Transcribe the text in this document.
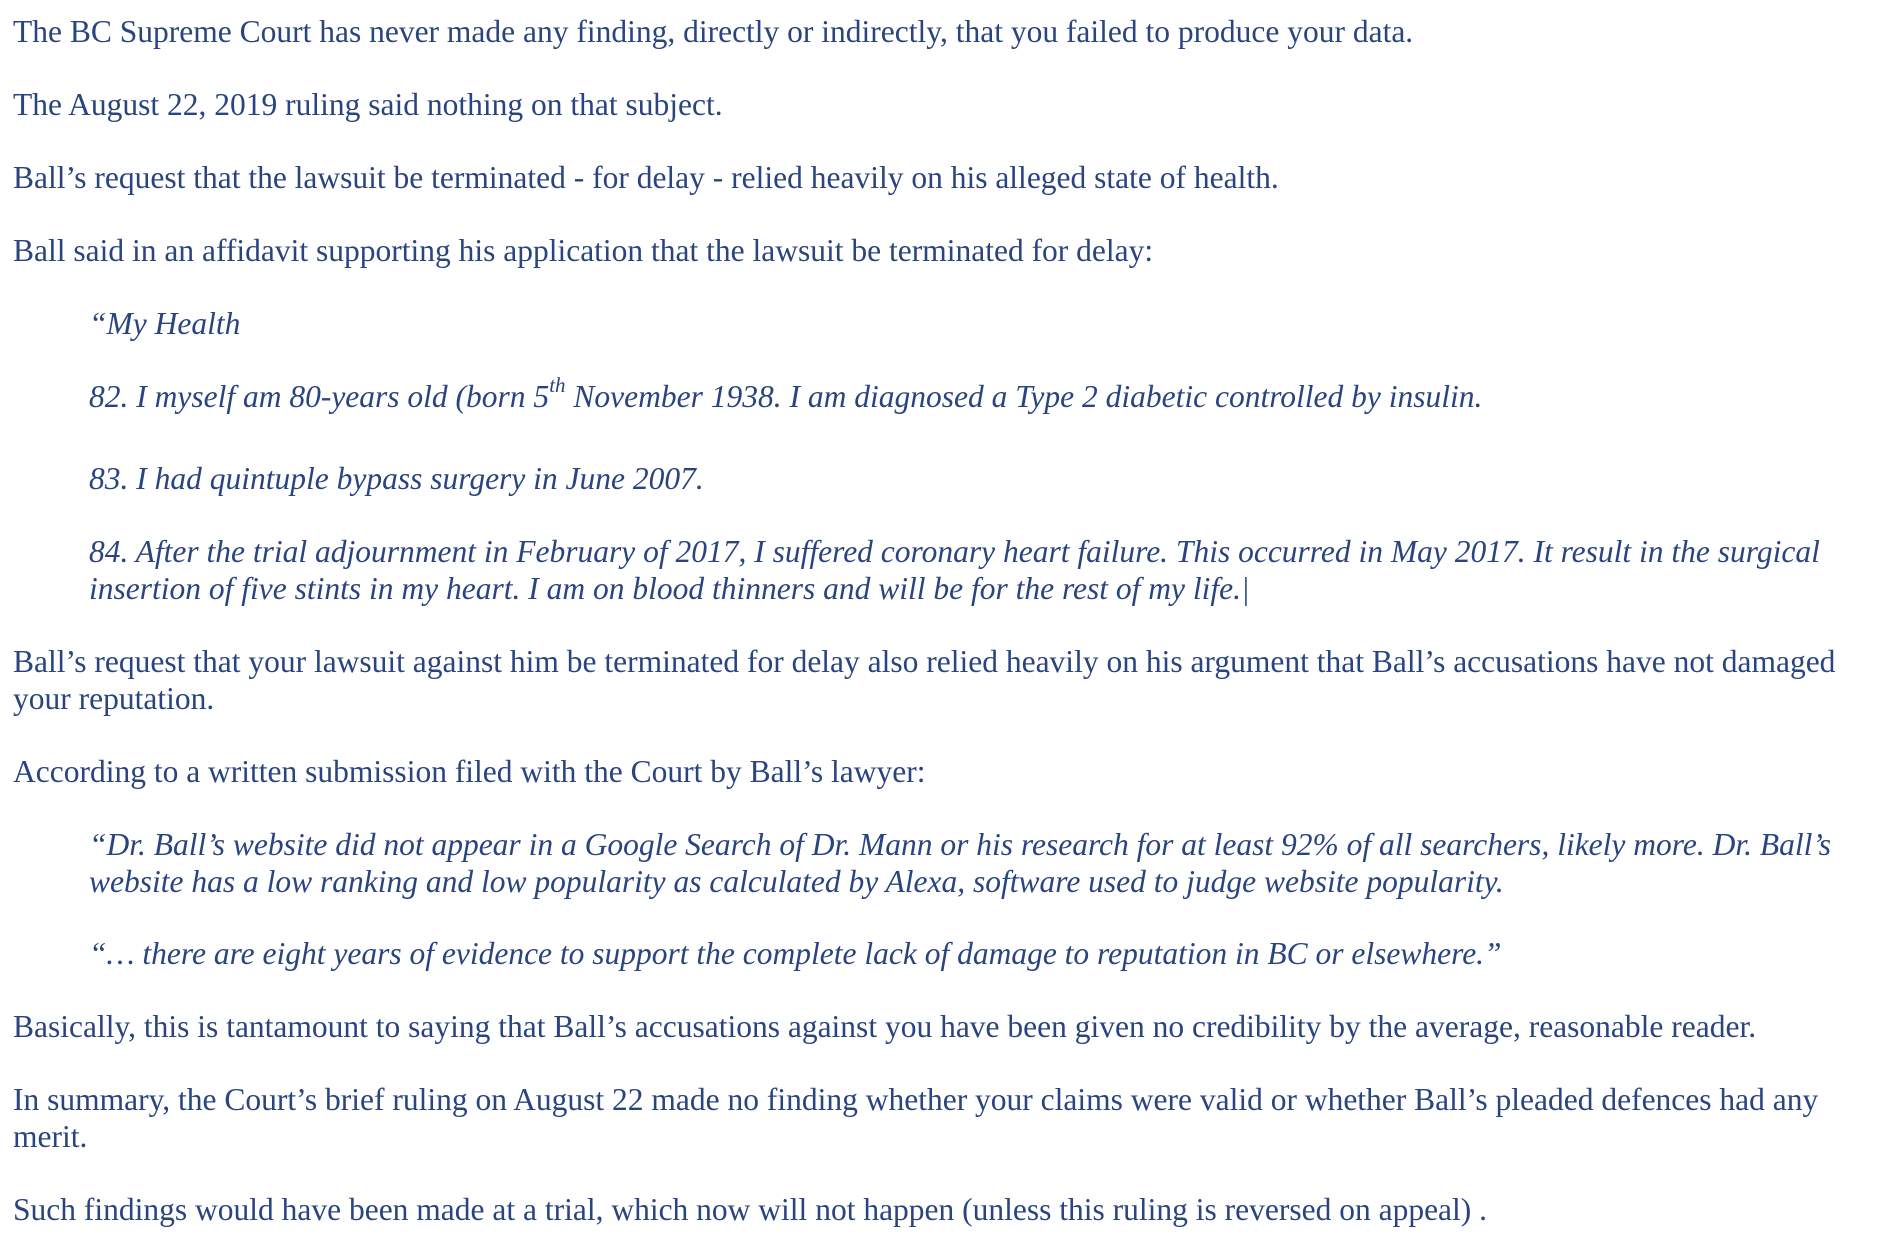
The BC Supreme Court has never made any finding, directly or indirectly, that you failed to produce your data.

The August 22, 2019 ruling said nothing on that subject.

Ball’s request that the lawsuit be terminated - for delay - relied heavily on his alleged state of health.

Ball said in an affidavit supporting his application that the lawsuit be terminated for delay:

“My Health

82. I myself am 80-years old (born 5th November 1938. I am diagnosed a Type 2 diabetic controlled by insulin.

83. I had quintuple bypass surgery in June 2007.

84. After the trial adjournment in February of 2017, I suffered coronary heart failure. This occurred in May 2017. It result in the surgical insertion of five stints in my heart. I am on blood thinners and will be for the rest of my life.|

Ball’s request that your lawsuit against him be terminated for delay also relied heavily on his argument that Ball’s accusations have not damaged your reputation.

According to a written submission filed with the Court by Ball’s lawyer:

“Dr. Ball’s website did not appear in a Google Search of Dr. Mann or his research for at least 92% of all searchers, likely more. Dr. Ball’s website has a low ranking and low popularity as calculated by Alexa, software used to judge website popularity.

“… there are eight years of evidence to support the complete lack of damage to reputation in BC or elsewhere.”

Basically, this is tantamount to saying that Ball’s accusations against you have been given no credibility by the average, reasonable reader.

In summary, the Court’s brief ruling on August 22 made no finding whether your claims were valid or whether Ball’s pleaded defences had any merit.

Such findings would have been made at a trial, which now will not happen (unless this ruling is reversed on appeal) .
